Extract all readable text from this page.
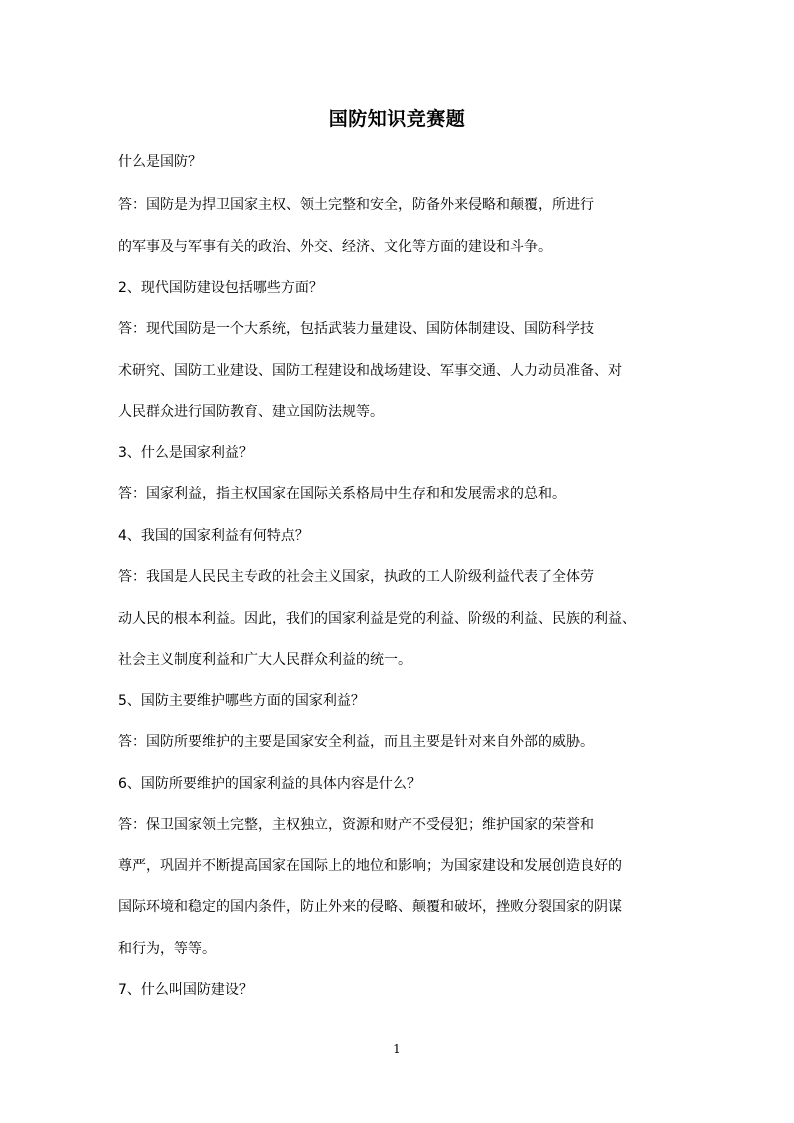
国防知识竞赛题
什么是国防？
答：国防是为捍卫国家主权、领土完整和安全，防备外来侵略和颠覆，所进行
的军事及与军事有关的政治、外交、经济、文化等方面的建设和斗争。
2、现代国防建设包括哪些方面？
答：现代国防是一个大系统，包括武装力量建设、国防体制建设、国防科学技
术研究、国防工业建设、国防工程建设和战场建设、军事交通、人力动员准备、对
人民群众进行国防教育、建立国防法规等。
3、什么是国家利益？
答：国家利益，指主权国家在国际关系格局中生存和和发展需求的总和。
4、我国的国家利益有何特点？
答：我国是人民民主专政的社会主义国家，执政的工人阶级利益代表了全体劳
动人民的根本利益。因此，我们的国家利益是党的利益、阶级的利益、民族的利益、
社会主义制度利益和广大人民群众利益的统一。
5、国防主要维护哪些方面的国家利益？
答：国防所要维护的主要是国家安全利益，而且主要是针对来自外部的威胁。
6、国防所要维护的国家利益的具体内容是什么？
答：保卫国家领土完整，主权独立，资源和财产不受侵犯；维护国家的荣誉和
尊严，巩固并不断提高国家在国际上的地位和影响；为国家建设和发展创造良好的
国际环境和稳定的国内条件，防止外来的侵略、颠覆和破坏，挫败分裂国家的阴谋
和行为，等等。
7、什么叫国防建设？
1
